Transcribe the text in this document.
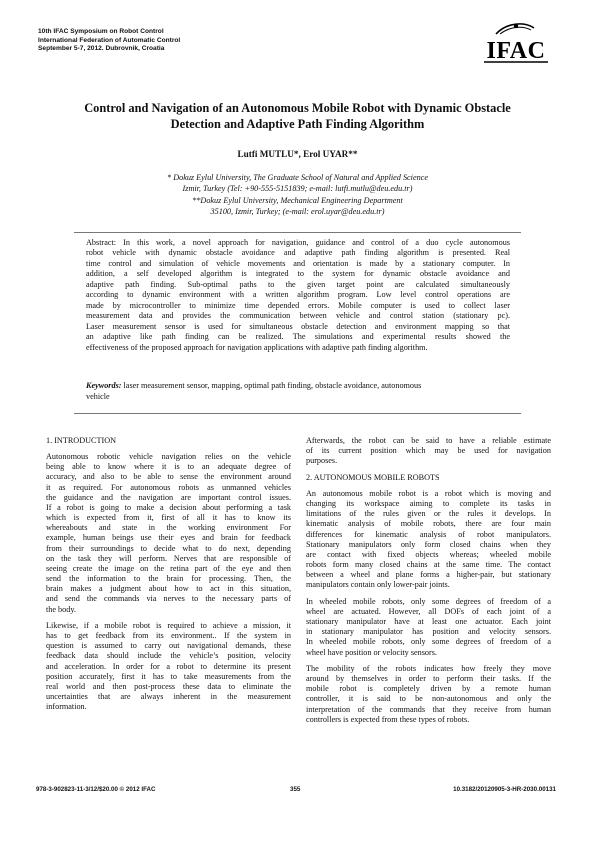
10th IFAC Symposium on Robot Control
International Federation of Automatic Control
September 5-7, 2012. Dubrovnik, Croatia	IFAC
Control and Navigation of an Autonomous Mobile Robot with Dynamic Obstacle
Detection and Adaptive Path Finding Algorithm
Lutfi MUTLU*, Erol UYAR**
* Dokuz Eylul University, The Graduate School of Natural and Applied Science
Izmir, Turkey (Tel: +90-555-5151839; e-mail: lutfi.mutlu@deu.edu.tr)
**Dokuz Eylul University, Mechanical Engineering Department
35100, Izmir, Turkey; (e-mail: erol.uyar@deu.edu.tr)
Abstract: In this work, a novel approach for navigation, guidance and control of a duo cycle autonomous
robot vehicle with dynamic obstacle avoidance and adaptive path finding algorithm is presented. Real
time control and simulation of vehicle movements and orientation is made by a stationary computer. In
addition, a self developed algorithm is integrated to the system for dynamic obstacle avoidance and
adaptive path finding. Sub-optimal paths to the given target point are calculated simultaneously
according to dynamic environment with a written algorithm program. Low level control operations are
made by microcontroller to minimize time depended errors. Mobile computer is used to collect laser
measurement data and provides the communication between vehicle and control station (stationary pc).
Laser measurement sensor is used for simultaneous obstacle detection and environment mapping so that
an adaptive like path finding can be realized. The simulations and experimental results showed the
effectiveness of the proposed approach for navigation applications with adaptive path finding algorithm.
Keywords: laser measurement sensor, mapping, optimal path finding, obstacle avoidance, autonomous
vehicle
1. INTRODUCTION
Autonomous robotic vehicle navigation relies on the vehicle
being able to know where it is to an adequate degree of
accuracy, and also to be able to sense the environment around
it as required. For autonomous robots as unmanned vehicles
the guidance and the navigation are important control issues.
If a robot is going to make a decision about performing a task
which is expected from it, first of all it has to know its
whereabouts and state in the working environment For
example, human beings use their eyes and brain for feedback
from their surroundings to decide what to do next, depending
on the task they will perform. Nerves that are responsible of
seeing create the image on the retina part of the eye and then
send the information to the brain for processing. Then, the
brain makes a judgment about how to act in this situation,
and send the commands via nerves to the necessary parts of
the body.
Likewise, if a mobile robot is required to achieve a mission, it
has to get feedback from its environment.. If the system in
question is assumed to carry out navigational demands, these
feedback data should include the vehicle’s position, velocity
and acceleration. In order for a robot to determine its present
position accurately, first it has to take measurements from the
real world and then post-process these data to eliminate the
uncertainties that are always inherent in the measurement
information.
Afterwards, the robot can be said to have a reliable estimate
of its current position which may be used for navigation
purposes.
2. AUTONOMOUS MOBILE ROBOTS
An autonomous mobile robot is a robot which is moving and
changing its workspace aiming to complete its tasks in
limitations of the rules given or the rules it develops. In
kinematic analysis of mobile robots, there are four main
differences for kinematic analysis of robot manipulators.
Stationary manipulators only form closed chains when they
are contact with fixed objects whereas; wheeled mobile
robots form many closed chains at the same time. The contact
between a wheel and plane forms a higher-pair, but stationary
manipulators contain only lower-pair joints.
In wheeled mobile robots, only some degrees of freedom of a
wheel are actuated. However, all DOFs of each joint of a
stationary manipulator have at least one actuator. Each joint
in stationary manipulator has position and velocity sensors.
In wheeled mobile robots, only some degrees of freedom of a
wheel have position or velocity sensors.
The mobility of the robots indicates how freely they move
around by themselves in order to perform their tasks. If the
mobile robot is completely driven by a remote human
controller, it is said to be non-autonomous and only the
interpretation of the commands that they receive from human
controllers is expected from these types of robots.
978-3-902823-11-3/12/$20.00 © 2012 IFAC	355	10.3182/20120905-3-HR-2030.00131
